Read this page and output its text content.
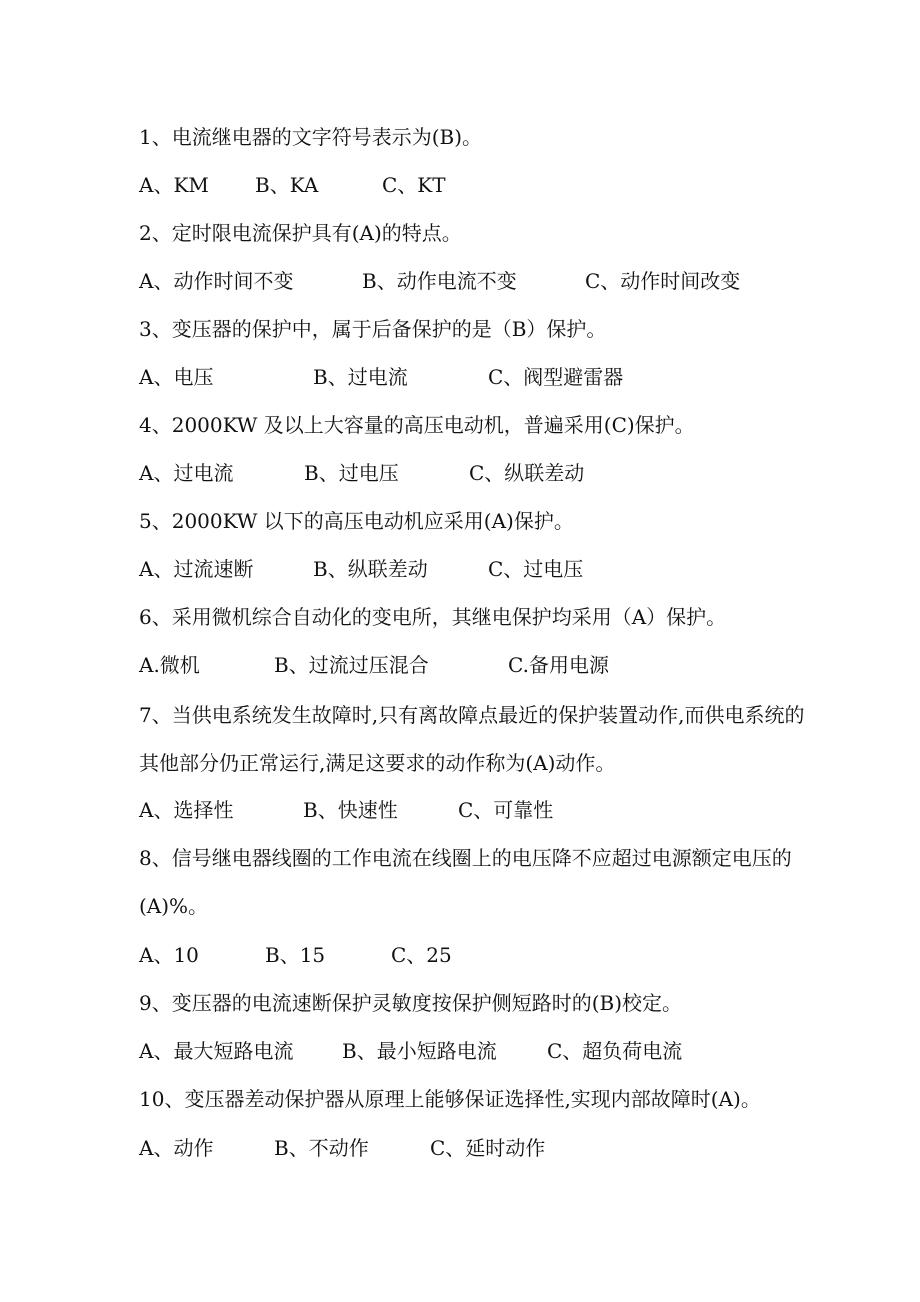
1、电流继电器的文字符号表示为(B)。
A、KM B、KA	C、KT
2、定时限电流保护具有(A)的特点。
A、动作时间不变	B、动作电流不变	C、动作时间改变
3、变压器的保护中，属于后备保护的是（B）保护。
A、电压	B、过电流	C、阀型避雷器
4、2000KW 及以上大容量的高压电动机，普遍采用(C)保护。
A、过电流	B、过电压	C、纵联差动
5、2000KW 以下的高压电动机应采用(A)保护。
A、过流速断	B、纵联差动	C、过电压
6、采用微机综合自动化的变电所，其继电保护均采用（A）保护。
A.微机	B、过流过压混合	C.备用电源
7、当供电系统发生故障时,只有离故障点最近的保护装置动作,而供电系统的
其他部分仍正常运行,满足这要求的动作称为(A)动作。
A、选择性	B、快速性	C、可靠性
8、信号继电器线圈的工作电流在线圈上的电压降不应超过电源额定电压的
(A)%。
A、10	B、15	C、25
9、变压器的电流速断保护灵敏度按保护侧短路时的(B)校定。
A、最大短路电流 B、最小短路电流	C、超负荷电流
10、变压器差动保护器从原理上能够保证选择性,实现内部故障时(A)。
A、动作	B、不动作	C、延时动作
